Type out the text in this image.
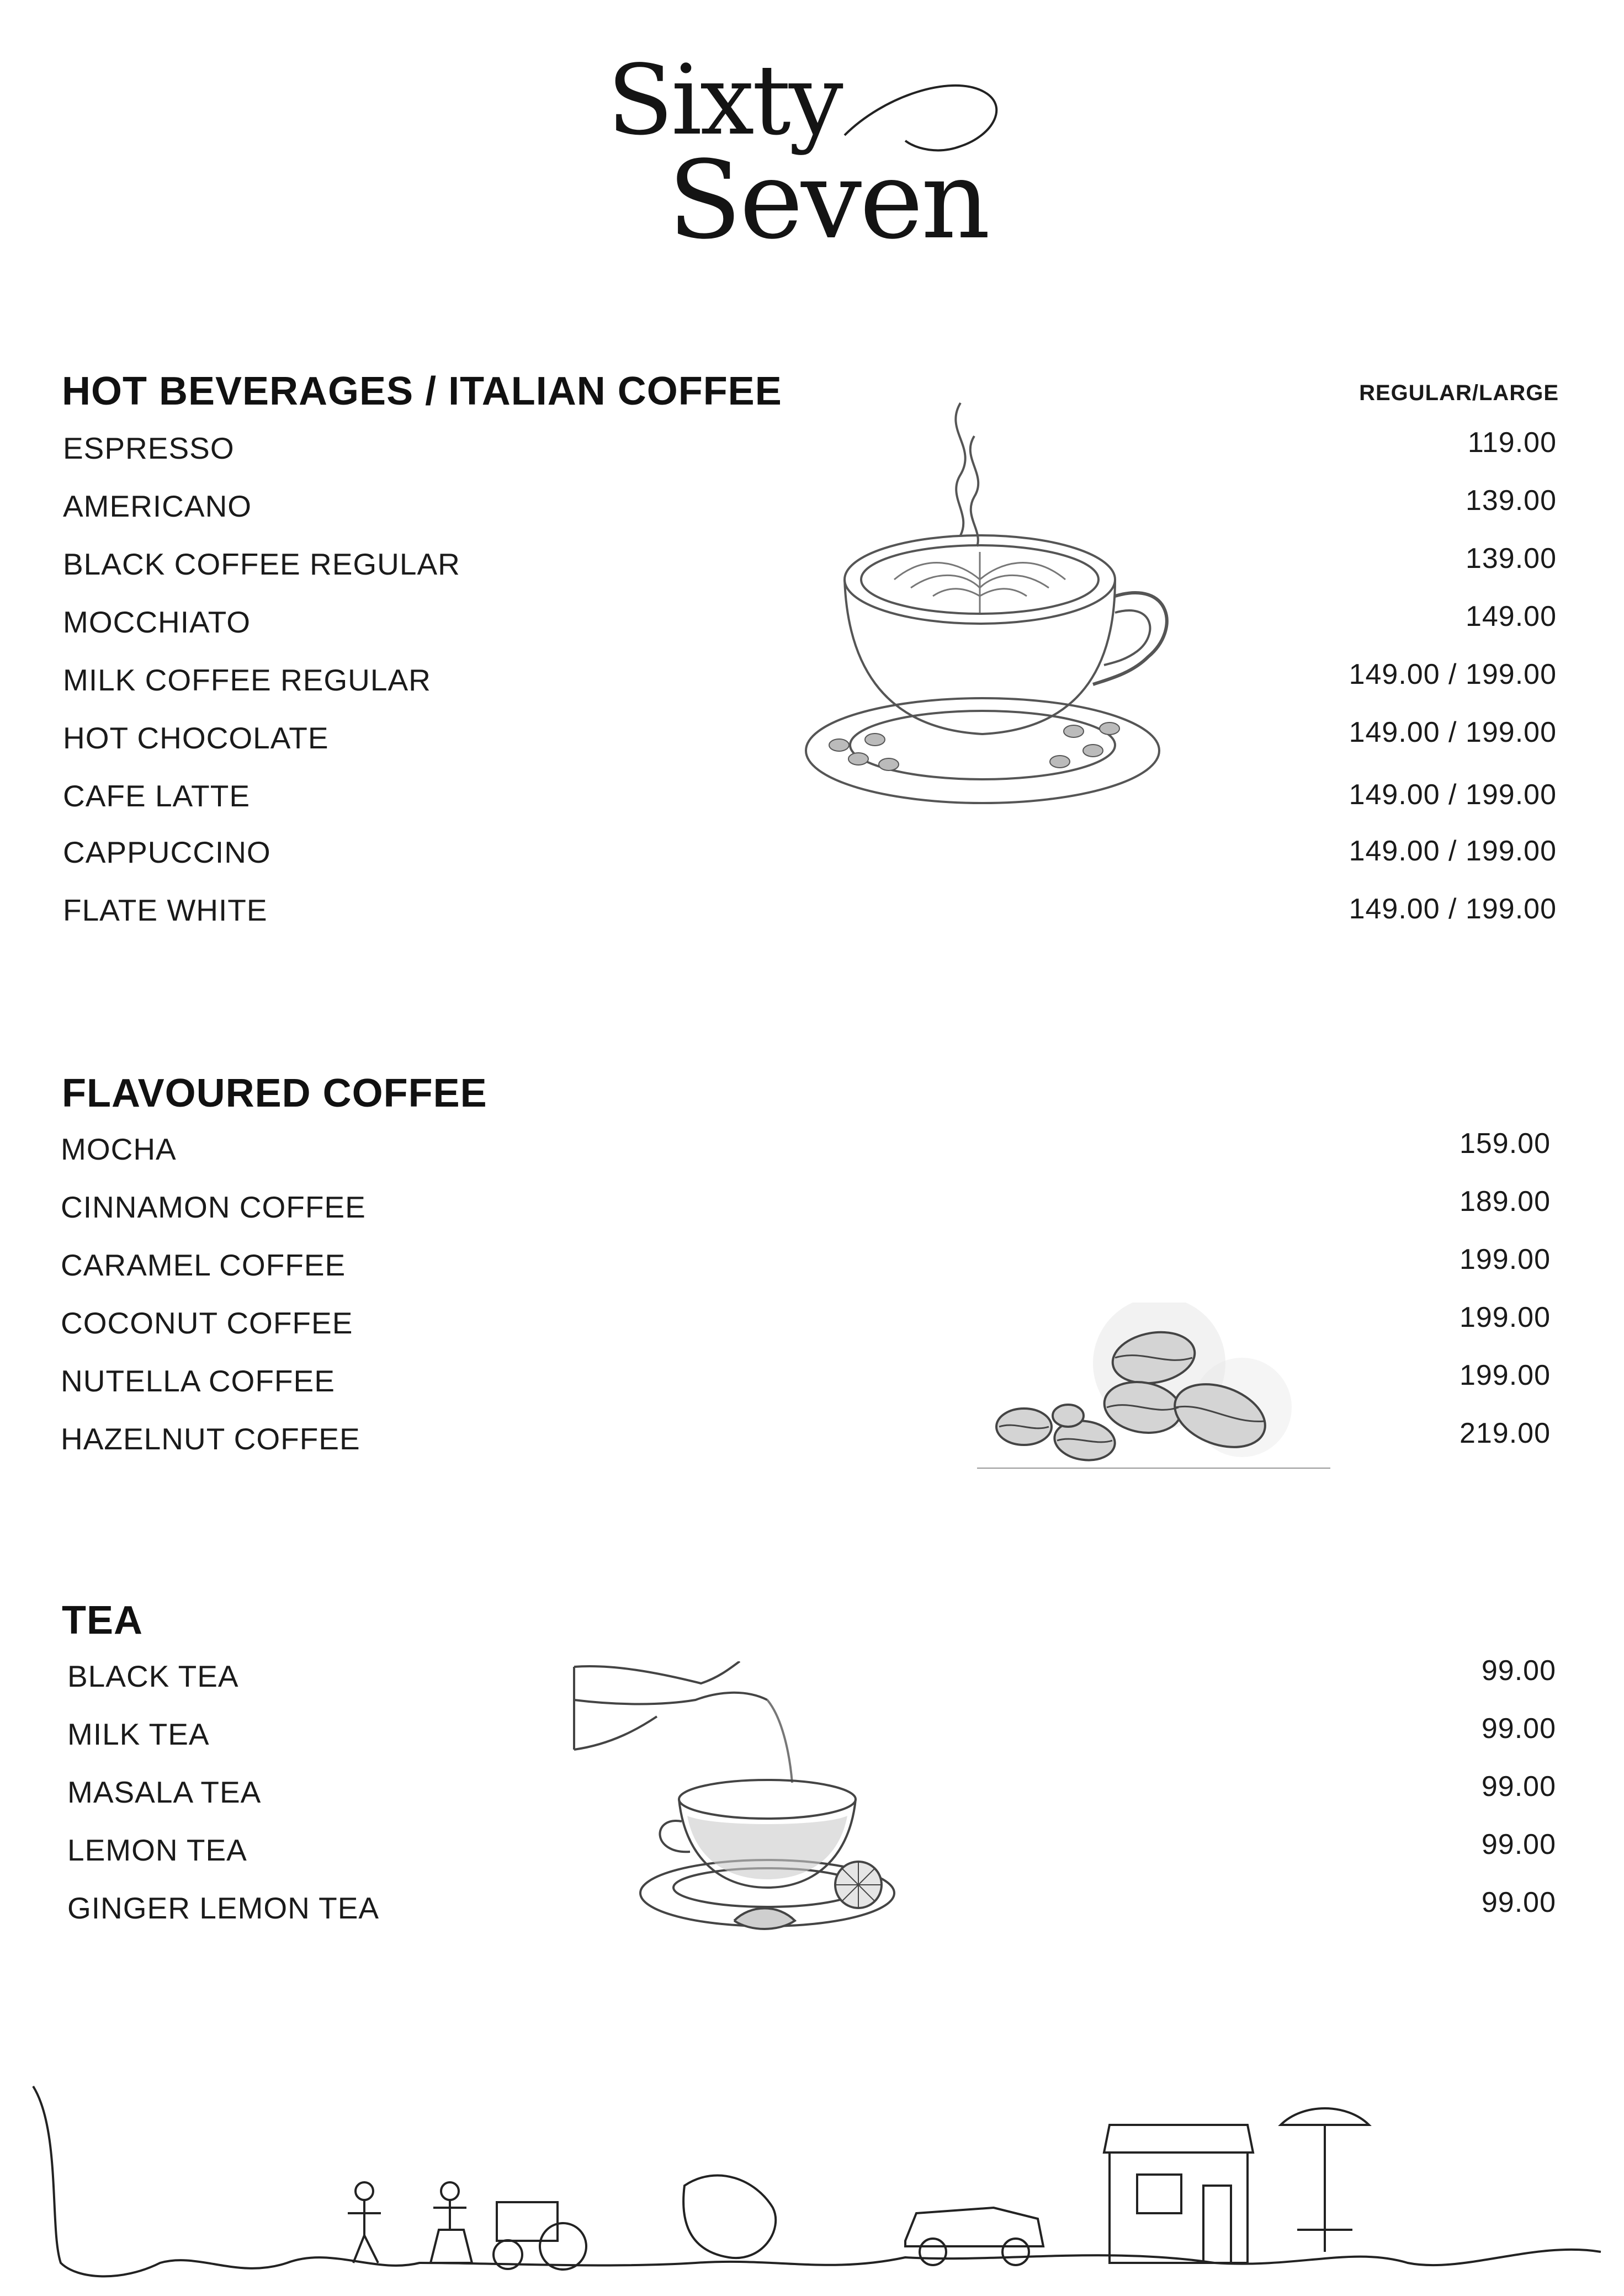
Sixty
Seven
HOT BEVERAGES / ITALIAN COFFEE	REGULAR/LARGE
FLAVOURED COFFEE
TEA
ESPRESSO	119.00
AMERICANO	139.00
BLACK COFFEE REGULAR	139.00
MOCCHIATO	149.00
MILK COFFEE REGULAR	149.00 / 199.00
HOT CHOCOLATE	149.00 / 199.00
CAFE LATTE	149.00 / 199.00
CAPPUCCINO	149.00 / 199.00
FLATE WHITE	149.00 / 199.00
MOCHA	159.00
CINNAMON COFFEE	189.00
CARAMEL COFFEE	199.00
COCONUT COFFEE	199.00
NUTELLA COFFEE	199.00
HAZELNUT COFFEE	219.00
BLACK TEA	99.00
MILK TEA	99.00
MASALA TEA	99.00
LEMON TEA	99.00
GINGER LEMON TEA	99.00
